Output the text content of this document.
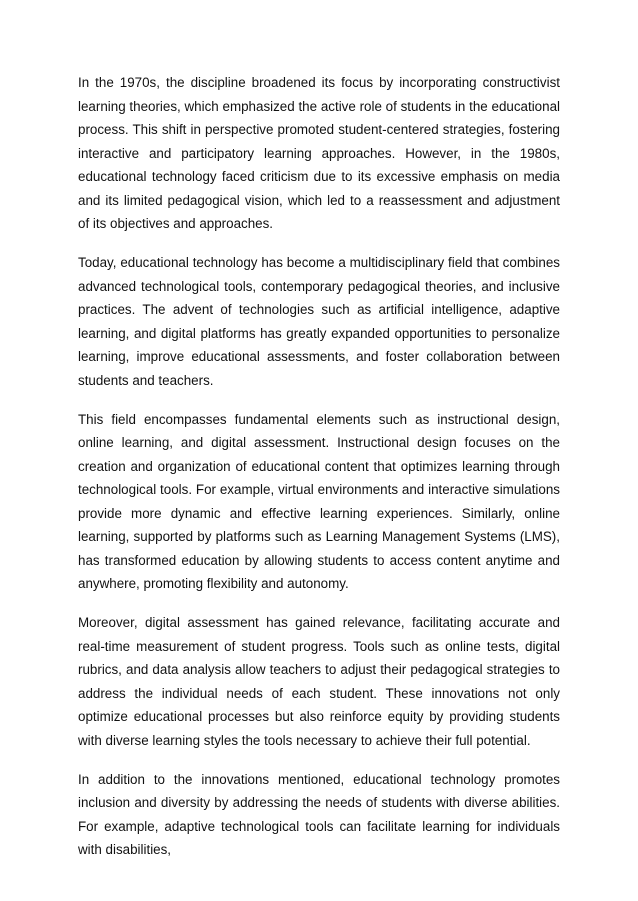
In the 1970s, the discipline broadened its focus by incorporating constructivist learning theories, which emphasized the active role of students in the educational process. This shift in perspective promoted student-centered strategies, fostering interactive and participatory learning approaches. However, in the 1980s, educational technology faced criticism due to its excessive emphasis on media and its limited pedagogical vision, which led to a reassessment and adjustment of its objectives and approaches.

Today, educational technology has become a multidisciplinary field that combines advanced technological tools, contemporary pedagogical theories, and inclusive practices. The advent of technologies such as artificial intelligence, adaptive learning, and digital platforms has greatly expanded opportunities to personalize learning, improve educational assessments, and foster collaboration between students and teachers.

This field encompasses fundamental elements such as instructional design, online learning, and digital assessment. Instructional design focuses on the creation and organization of educational content that optimizes learning through technological tools. For example, virtual environments and interactive simulations provide more dynamic and effective learning experiences. Similarly, online learning, supported by platforms such as Learning Management Systems (LMS), has transformed education by allowing students to access content anytime and anywhere, promoting flexibility and autonomy.

Moreover, digital assessment has gained relevance, facilitating accurate and real-time measurement of student progress. Tools such as online tests, digital rubrics, and data analysis allow teachers to adjust their pedagogical strategies to address the individual needs of each student. These innovations not only optimize educational processes but also reinforce equity by providing students with diverse learning styles the tools necessary to achieve their full potential.

In addition to the innovations mentioned, educational technology promotes inclusion and diversity by addressing the needs of students with diverse abilities. For example, adaptive technological tools can facilitate learning for individuals with disabilities,
